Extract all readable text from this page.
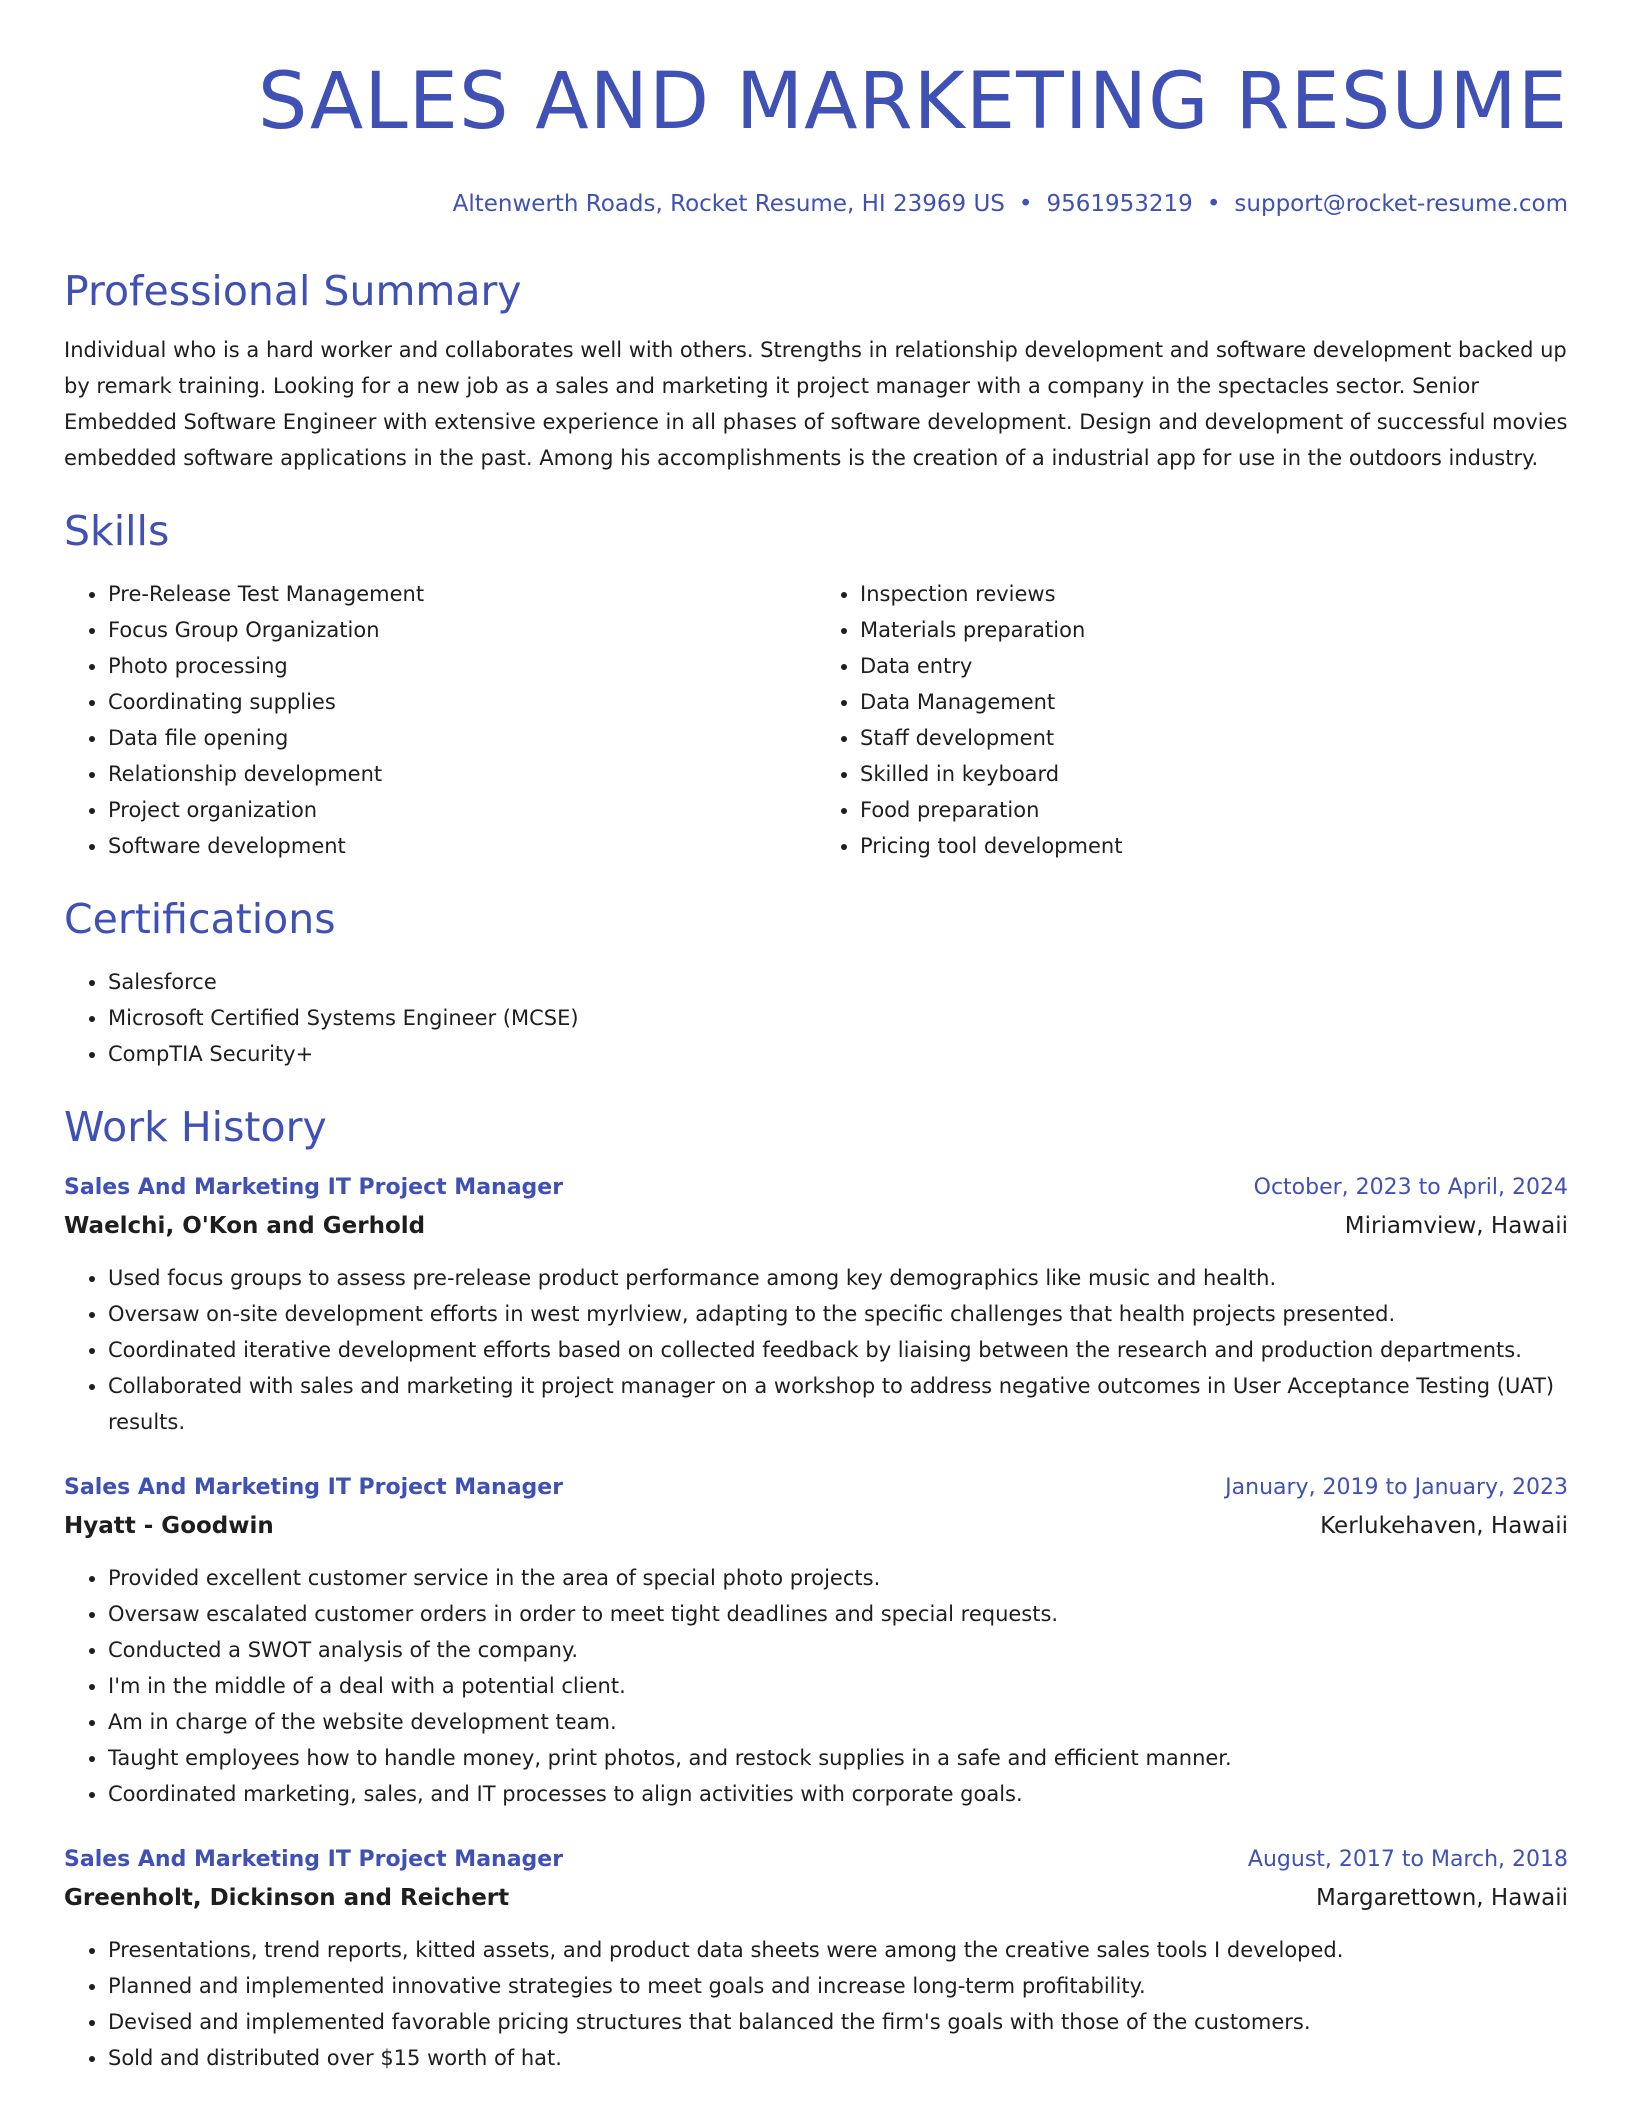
SALES AND MARKETING RESUME
Altenwerth Roads, Rocket Resume, HI 23969 US • 9561953219 • support@rocket-resume.com
Professional Summary

Individual who is a hard worker and collaborates well with others. Strengths in relationship development and software development backed up by remark training. Looking for a new job as a sales and marketing it project manager with a company in the spectacles sector. Senior Embedded Software Engineer with extensive experience in all phases of software development. Design and development of successful movies embedded software applications in the past. Among his accomplishments is the creation of a industrial app for use in the outdoors industry.

Skills
• Pre-Release Test Management
• Focus Group Organization
• Photo processing
• Coordinating supplies
• Data file opening
• Relationship development
• Project organization
• Software development
• Inspection reviews
• Materials preparation
• Data entry
• Data Management
• Staff development
• Skilled in keyboard
• Food preparation
• Pricing tool development
Certifications
• Salesforce
• Microsoft Certified Systems Engineer (MCSE)
• CompTIA Security+
Work History
Sales And Marketing IT Project Manager	October, 2023 to April, 2024
Waelchi, O'Kon and Gerhold	Miriamview, Hawaii
• Used focus groups to assess pre-release product performance among key demographics like music and health.
• Oversaw on-site development efforts in west myrlview, adapting to the specific challenges that health projects presented.
• Coordinated iterative development efforts based on collected feedback by liaising between the research and production departments.
• Collaborated with sales and marketing it project manager on a workshop to address negative outcomes in User Acceptance Testing (UAT) results.
Sales And Marketing IT Project Manager	January, 2019 to January, 2023
Hyatt - Goodwin	Kerlukehaven, Hawaii
• Provided excellent customer service in the area of special photo projects.
• Oversaw escalated customer orders in order to meet tight deadlines and special requests.
• Conducted a SWOT analysis of the company.
• I'm in the middle of a deal with a potential client.
• Am in charge of the website development team.
• Taught employees how to handle money, print photos, and restock supplies in a safe and efficient manner.
• Coordinated marketing, sales, and IT processes to align activities with corporate goals.
Sales And Marketing IT Project Manager	August, 2017 to March, 2018
Greenholt, Dickinson and Reichert	Margarettown, Hawaii
• Presentations, trend reports, kitted assets, and product data sheets were among the creative sales tools I developed.
• Planned and implemented innovative strategies to meet goals and increase long-term profitability.
• Devised and implemented favorable pricing structures that balanced the firm's goals with those of the customers.
• Sold and distributed over $15 worth of hat.
